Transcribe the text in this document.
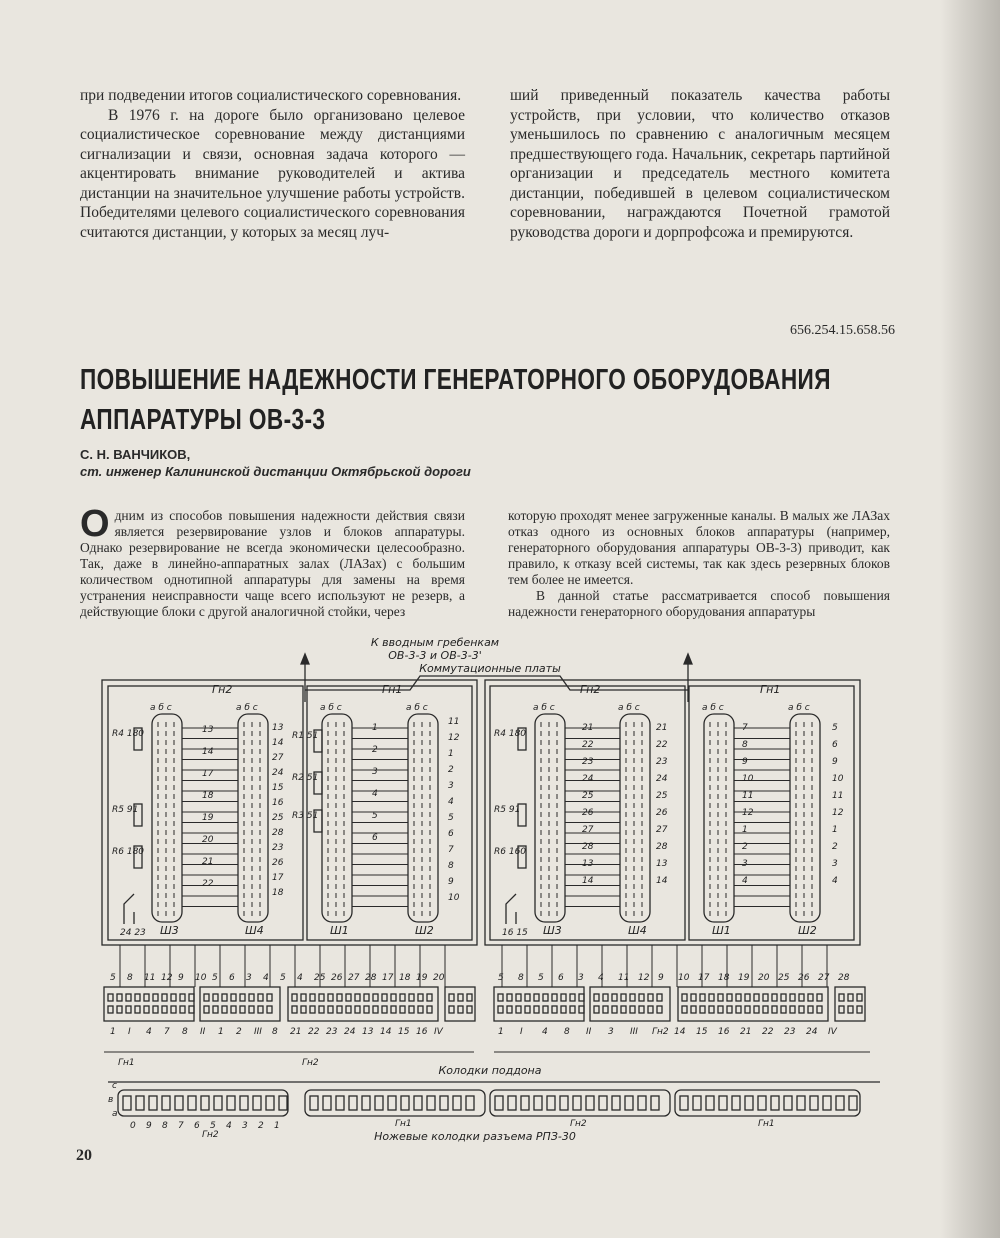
при подведении итогов социалистического соревнования.

В 1976 г. на дороге было организовано целевое социалистическое соревнование между дистанциями сигнализации и связи, основная задача которого — акцентировать внимание руководителей и актива дистанции на значительное улучшение работы устройств. Победителями целевого социалистического соревнования считаются дистанции, у которых за месяц луч-

ший приведенный показатель качества работы устройств, при условии, что количество отказов уменьшилось по сравнению с аналогичным месяцем предшествующего года. Начальник, секретарь партийной организации и председатель местного комитета дистанции, победившей в целевом социалистическом соревновании, награждаются Почетной грамотой руководства дороги и дорпрофсожа и премируются.

656.254.15.658.56
ПОВЫШЕНИЕ НАДЕЖНОСТИ ГЕНЕРАТОРНОГО ОБОРУДОВАНИЯ
АППАРАТУРЫ ОВ-3-3
С. Н. ВАНЧИКОВ,
ст. инженер Калининской дистанции Октябрьской дороги

Одним из способов повышения надежности действия связи является резервирование узлов и блоков аппаратуры. Однако резервирование не всегда экономически целесообразно. Так, даже в линейно-аппаратных залах (ЛАЗах) с большим количеством однотипной аппаратуры для замены на время устранения неисправности чаще всего используют не резерв, а действующие блоки с другой аналогичной стойки, через

которую проходят менее загруженные каналы. В малых же ЛАЗах отказ одного из основных блоков аппаратуры (например, генераторного оборудования аппаратуры ОВ-3-3) приводит, как правило, к отказу всей системы, так как здесь резервных блоков тем более не имеется.

В данной статье рассматривается способ повышения надежности генераторного оборудования аппаратуры

К вводным гребенкам
ОВ-3-3 и ОВ-3-3'
Коммутационные платы
Гн2	Гн1	Гн2	Гн1
а б с	а б с	а б с	а б с	а б с	а б с	а б с	а б с
Ш3	Ш4	Ш1	Ш2	Ш3	Ш4	Ш1	Ш2
R4 180
R5 91
R6 180
R1 51
R2 51
R3 51
R4 180
R5 91
R6 160
13
14
17
18
19
20
21
22
13
14
27
24
15
16
25
28
23
26
17
18
1
2
3
4
5
6
11
12
1
2
3
4
5
6
7
8
9
10
21
22
23
24
25
26
27
28
13
14
21
22
23
24
25
26
27
28
13
14
7
8
9
10
11
12
1
2
3
4
5
6
9
10
11
12
1
2
3
4
24 23	16 15
5 8 11 12 9 10 5 6 3 4 5 4 25 26 27 28 17 18 19 20
1 I 4 7 8 II 1 2 III 8 21 22 23 24 13 14 15 16 IV
5 8 5 6 3 4 11 12 9 10 17 18 19 20 25 26 27 28
1 I 4 8 II 3 III Гн2 14 15 16 21 22 23 24 IV
Колодки поддона
Гн1	Гн2
с
в
а
0 9 8 7 6 5 4 3 2 1
Гн2
Гн1	Гн2	Гн1
Ножевые колодки разъема РПЗ-30
20
